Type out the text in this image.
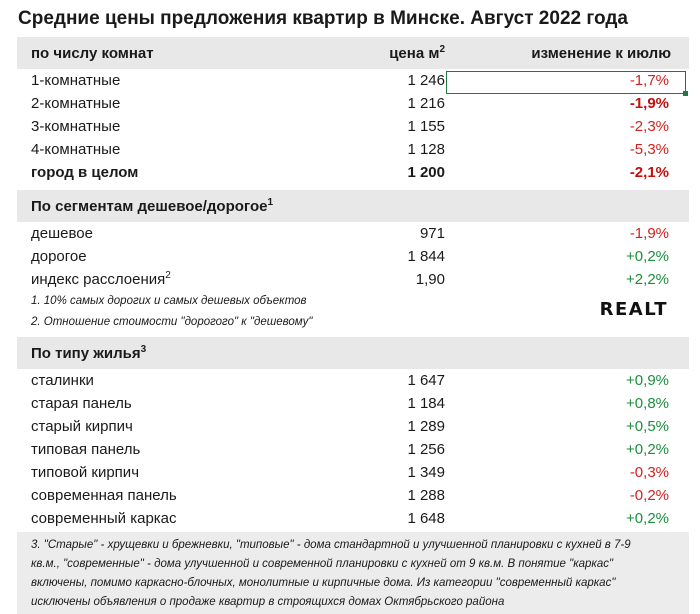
Средние цены предложения квартир в Минске. Август 2022 года
по числу комнат	цена $м^2$	изменение к июлю
1-комнатные	1 246	-1,7%
2-комнатные	1 216	-1,9%
3-комнатные	1 155	-2,3%
4-комнатные	1 128	-5,3%
город в целом	1 200	-2,1%
По сегментам дешевое/дорогое$^1$
дешевое	971	-1,9%
дорогое	1 844	+0,2%
индекс расслоения$^2$	1,90	+2,2%
1. 10% самых дорогих и самых дешевых объектов
2. Отношение стоимости "дорогого" к "дешевому"
REALT
По типу жилья$^3$
сталинки	1 647	+0,9%
старая панель	1 184	+0,8%
старый кирпич	1 289	+0,5%
типовая панель	1 256	+0,2%
типовой кирпич	1 349	-0,3%
современная панель	1 288	-0,2%
современный каркас	1 648	+0,2%
3. "Старые" - хрущевки и брежневки, "типовые" - дома стандартной и улучшенной планировки с кухней в 7-9
кв.м., "современные" - дома улучшенной и современной планировки с кухней от 9 кв.м. В понятие "каркас"
включены, помимо каркасно-блочных, монолитные и кирпичные дома. Из категории "современный каркас"
исключены объявления о продаже квартир в строящихся домах Октябрьского района
